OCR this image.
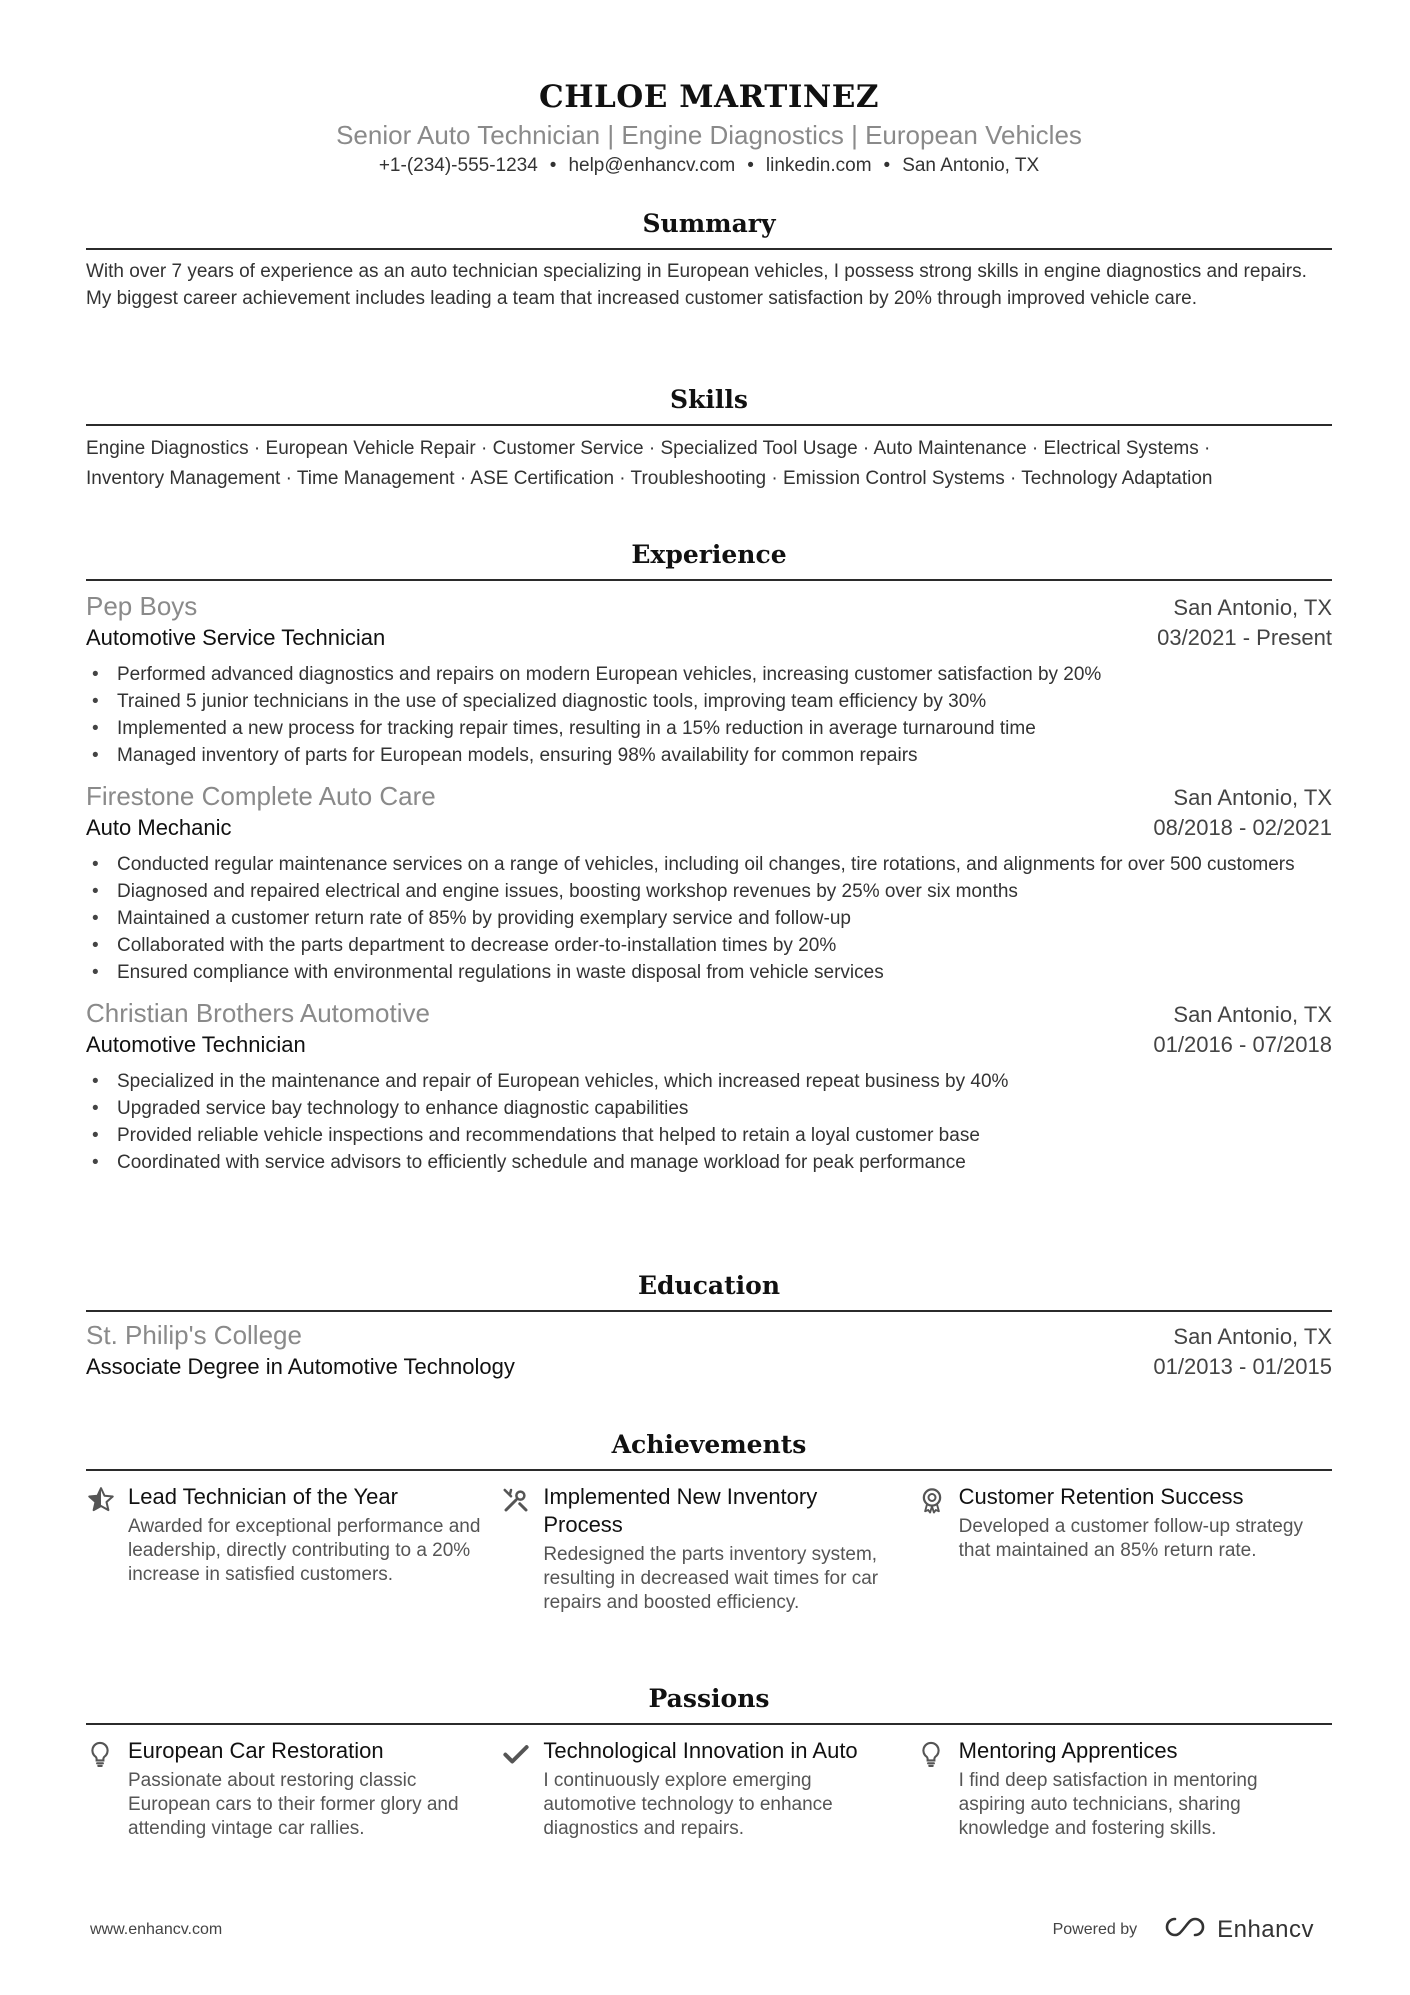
CHLOE MARTINEZ
Senior Auto Technician | Engine Diagnostics | European Vehicles
+1-(234)-555-1234 • help@enhancv.com • linkedin.com • San Antonio, TX
Summary
With over 7 years of experience as an auto technician specializing in European vehicles, I possess strong skills in engine diagnostics and repairs. My biggest career achievement includes leading a team that increased customer satisfaction by 20% through improved vehicle care.
Skills
Engine Diagnostics · European Vehicle Repair · Customer Service · Specialized Tool Usage · Auto Maintenance · Electrical Systems ·
Inventory Management · Time Management · ASE Certification · Troubleshooting · Emission Control Systems · Technology Adaptation
Experience
Pep Boys	San Antonio, TX
Automotive Service Technician	03/2021 - Present
• Performed advanced diagnostics and repairs on modern European vehicles, increasing customer satisfaction by 20%
• Trained 5 junior technicians in the use of specialized diagnostic tools, improving team efficiency by 30%
• Implemented a new process for tracking repair times, resulting in a 15% reduction in average turnaround time
• Managed inventory of parts for European models, ensuring 98% availability for common repairs
Firestone Complete Auto Care	San Antonio, TX
Auto Mechanic	08/2018 - 02/2021
• Conducted regular maintenance services on a range of vehicles, including oil changes, tire rotations, and alignments for over 500 customers
• Diagnosed and repaired electrical and engine issues, boosting workshop revenues by 25% over six months
• Maintained a customer return rate of 85% by providing exemplary service and follow-up
• Collaborated with the parts department to decrease order-to-installation times by 20%
• Ensured compliance with environmental regulations in waste disposal from vehicle services
Christian Brothers Automotive	San Antonio, TX
Automotive Technician	01/2016 - 07/2018
• Specialized in the maintenance and repair of European vehicles, which increased repeat business by 40%
• Upgraded service bay technology to enhance diagnostic capabilities
• Provided reliable vehicle inspections and recommendations that helped to retain a loyal customer base
• Coordinated with service advisors to efficiently schedule and manage workload for peak performance
Education
St. Philip's College	San Antonio, TX
Associate Degree in Automotive Technology	01/2013 - 01/2015
Achievements
Lead Technician of the Year
Awarded for exceptional performance and leadership, directly contributing to a 20% increase in satisfied customers.
Implemented New Inventory Process
Redesigned the parts inventory system, resulting in decreased wait times for car repairs and boosted efficiency.
Customer Retention Success
Developed a customer follow-up strategy that maintained an 85% return rate.
Passions
European Car Restoration
Passionate about restoring classic European cars to their former glory and attending vintage car rallies.
Technological Innovation in Auto
I continuously explore emerging automotive technology to enhance diagnostics and repairs.
Mentoring Apprentices
I find deep satisfaction in mentoring aspiring auto technicians, sharing knowledge and fostering skills.
www.enhancv.com	Powered by	Enhancv
